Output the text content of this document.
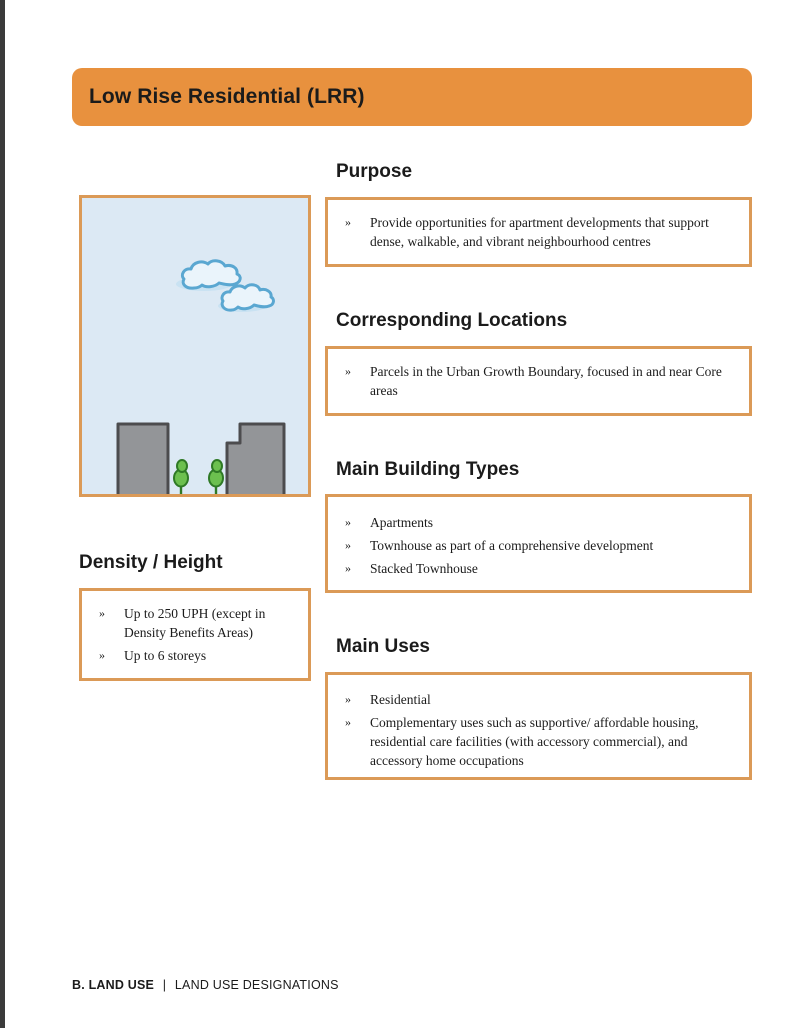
Low Rise Residential (LRR)
Purpose
»	Provide opportunities for apartment developments that support dense, walkable, and vibrant neighbourhood centres
Corresponding Locations
»	Parcels in the Urban Growth Boundary, focused in and near Core areas
Main Building Types
»	Apartments
»	Townhouse as part of a comprehensive development
»	Stacked Townhouse
Main Uses
»	Residential
»	Complementary uses such as supportive/ affordable housing, residential care facilities (with accessory commercial), and accessory home occupations
Density / Height
»	Up to 250 UPH (except in Density Benefits Areas)
»	Up to 6 storeys
B. LAND USE | LAND USE DESIGNATIONS
